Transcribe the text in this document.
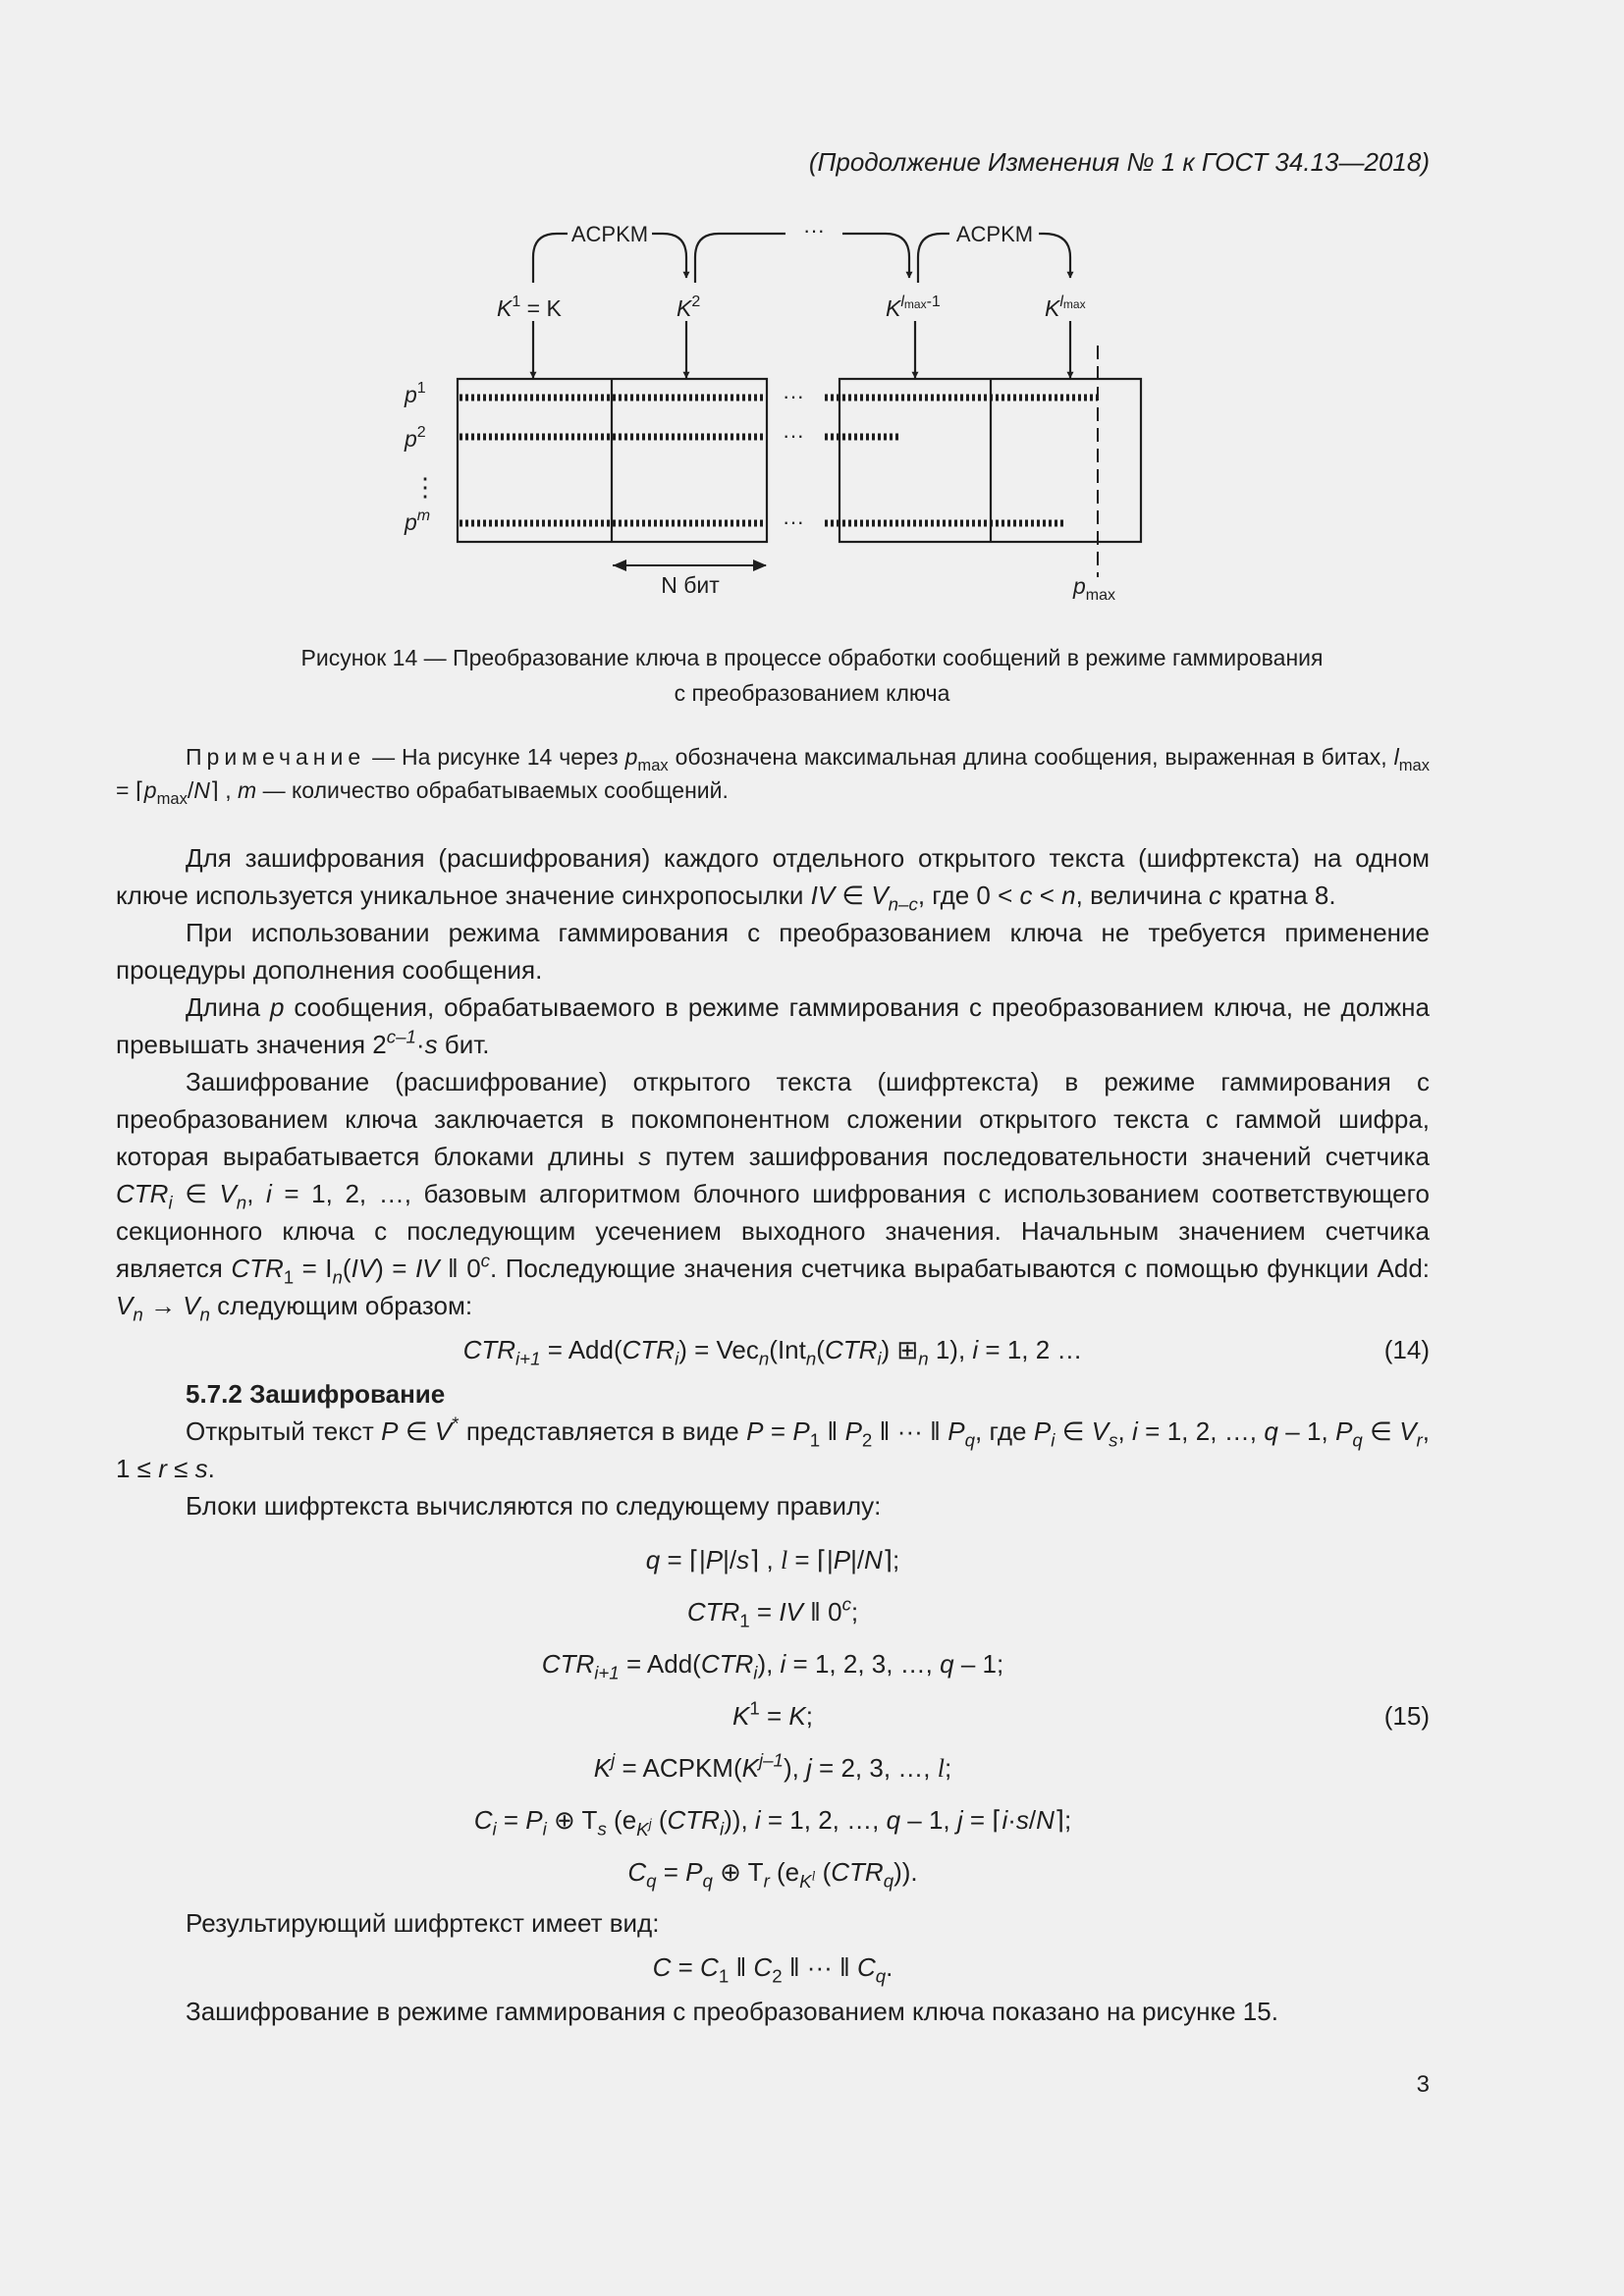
(Продолжение Изменения № 1 к ГОСТ 34.13—2018)
ACPKM	···	ACPKM
$K^1 = K$	$K^2$	$K^l\max-1$	$K^l\max$
···
···
···
$p^1$
$p^2$
⋮
$p^m$
N бит	$p_{max}$
Рисунок 14 — Преобразование ключа в процессе обработки сообщений в режиме гаммирования
с преобразованием ключа
Примечание — На рисунке 14 через $p_{max}$ обозначена максимальная длина сообщения, выраженная в битах, $l_{max}$ = $⌈p_{max}/N⌉$ , m — количество обрабатываемых сообщений.

Для зашифрования (расшифрования) каждого отдельного открытого текста (шифртекста) на одном ключе используется уникальное значение синхропосылки IV ∈ $V_{n-c}$, где 0 < c < n, величина c кратна 8.

При использовании режима гаммирования с преобразованием ключа не требуется применение процедуры дополнения сообщения.

Длина p сообщения, обрабатываемого в режиме гаммирования с преобразованием ключа, не должна превышать значения $2^{c-1}\cdot s$ бит.

Зашифрование (расшифрование) открытого текста (шифртекста) в режиме гаммирования с преобразованием ключа заключается в покомпонентном сложении открытого текста с гаммой шифра, которая вырабатывается блоками длины s путем зашифрования последовательности значений счетчика $CTR_i$ ∈ $V_n$, i = 1, 2, …, базовым алгоритмом блочного шифрования с использованием соответствующего секционного ключа с последующим усечением выходного значения. Начальным значением счетчика является $CTR_1 = I_n(IV)$ = IV ‖ 0$^c$. Последующие значения счетчика вырабатываются с помощью функции Add: $V_n \to V_n$ следующим образом:

$CTR_{i+1} = Add(CTR_i) = Vec_n(Int_n(CTR_i)$ $⊞_n$ 1), i = 1, 2 …	(14)

5.7.2 Зашифрование

Открытый текст P ∈ V* представляется в виде $P = P_1$ ‖ $P_2$ ‖ ··· ‖ $P_q$, где $P_i$ ∈ $V_s$, i = 1, 2, …, q – 1, $P_q$ ∈ $V_r$, 1 ≤ r ≤ s.

Блоки шифртекста вычисляются по следующему правилу:

q = ⌈|P|/s⌉ , l = ⌈|P|/N⌉;
$CTR_1$ = IV ‖ 0$^c$;
$CTR_{i+1} = Add(CTR_i)$, i = 1, 2, 3, …, q – 1;
$K^1 = K$;	(15)
$K^j$ = $ACPKM(K^{j-1})$, j = 2, 3, …, l;
$C_i = P_i$ ⊕ $T_s$ ($e_{K^j}$ $(CTR_i)$), i = 1, 2, …, q – 1, j = ⌈i·s/N⌉;
$C_q = P_q$ ⊕ $T_r$ ($e_{K^l}$ $(CTR_q)$).

Результирующий шифртекст имеет вид:

$C = C_1$ ‖ $C_2$ ‖ ··· ‖ $C_q$.

Зашифрование в режиме гаммирования с преобразованием ключа показано на рисунке 15.

3
